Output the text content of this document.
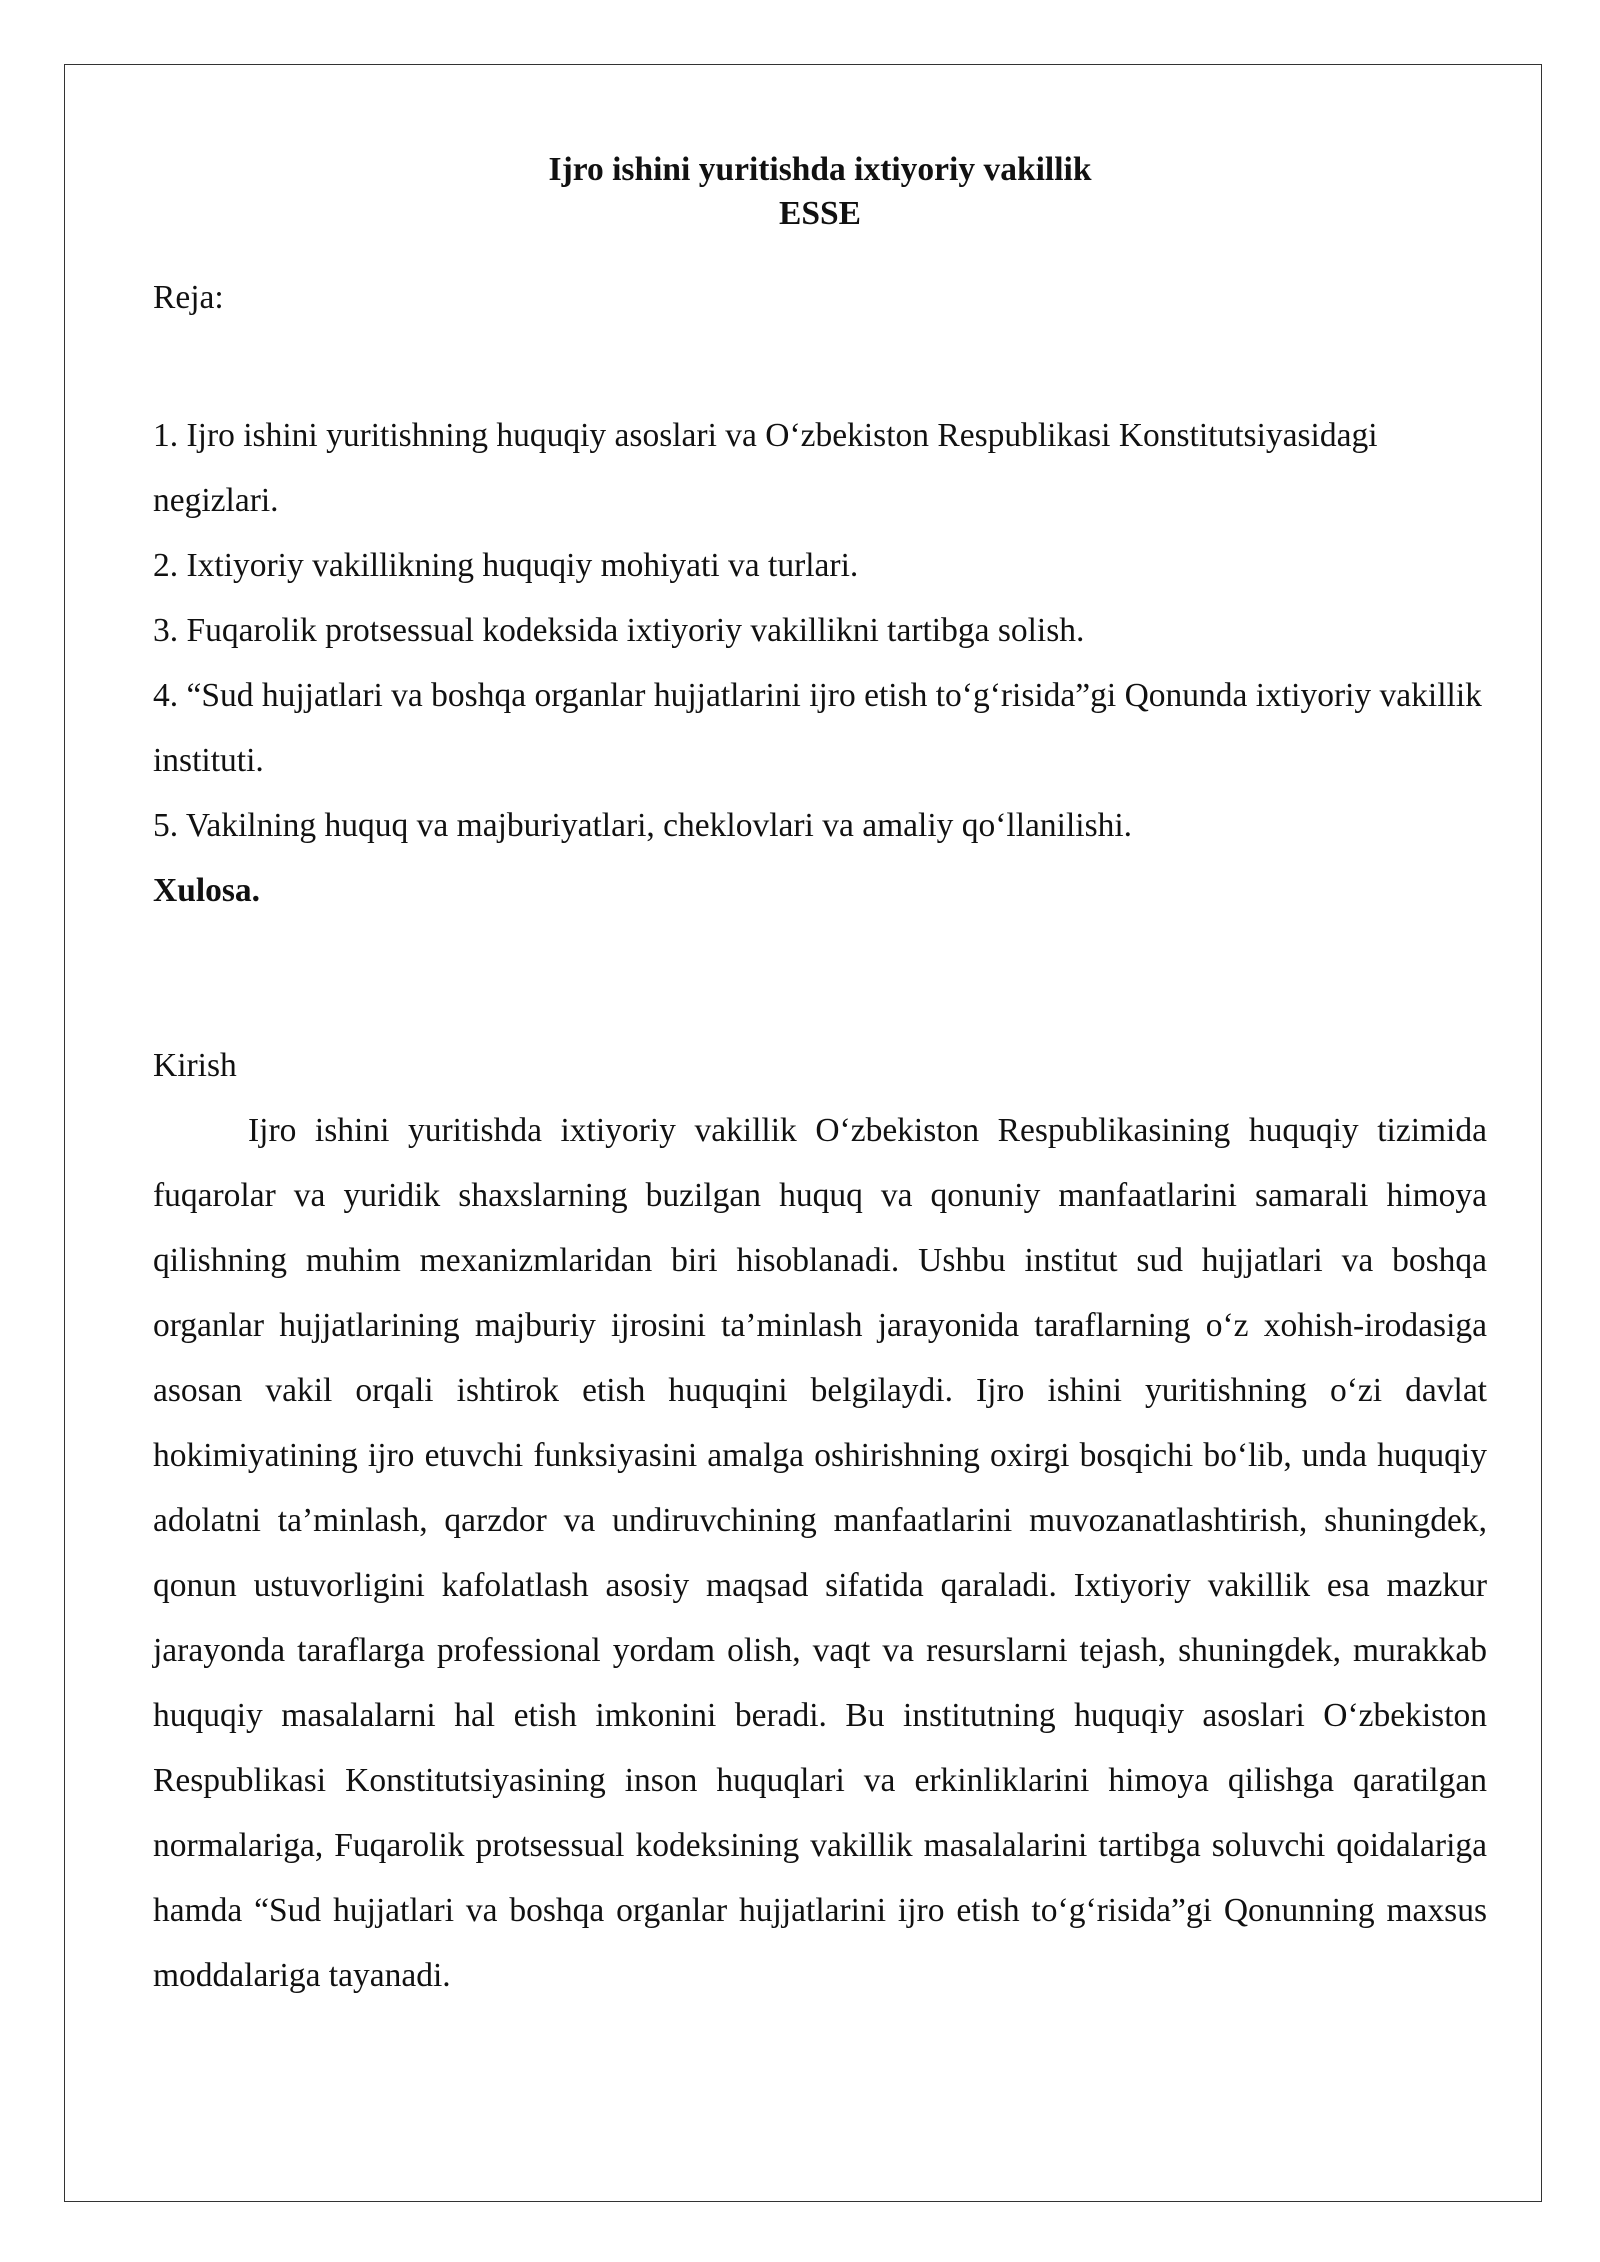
Ijro ishini yuritishda ixtiyoriy vakillik

ESSE

Reja:

1. Ijro ishini yuritishning huquqiy asoslari va O‘zbekiston Respublikasi Konstitutsiyasidagi negizlari.
2. Ixtiyoriy vakillikning huquqiy mohiyati va turlari.
3. Fuqarolik protsessual kodeksida ixtiyoriy vakillikni tartibga solish.
4. “Sud hujjatlari va boshqa organlar hujjatlarini ijro etish to‘g‘risida”gi Qonunda ixtiyoriy vakillik instituti.
5. Vakilning huquq va majburiyatlari, cheklovlari va amaliy qo‘llanilishi.

Xulosa.

Kirish

Ijro ishini yuritishda ixtiyoriy vakillik O‘zbekiston Respublikasining huquqiy tizimida fuqarolar va yuridik shaxslarning buzilgan huquq va qonuniy manfaatlarini samarali himoya qilishning muhim mexanizmlaridan biri hisoblanadi. Ushbu institut sud hujjatlari va boshqa organlar hujjatlarining majburiy ijrosini ta’minlash jarayonida taraflarning o‘z xohish-irodasiga asosan vakil orqali ishtirok etish huquqini belgilaydi. Ijro ishini yuritishning o‘zi davlat hokimiyatining ijro etuvchi funksiyasini amalga oshirishning oxirgi bosqichi bo‘lib, unda huquqiy adolatni ta’minlash, qarzdor va undiruvchining manfaatlarini muvozanatlashtirish, shuningdek, qonun ustuvorligini kafolatlash asosiy maqsad sifatida qaraladi. Ixtiyoriy vakillik esa mazkur jarayonda taraflarga professional yordam olish, vaqt va resurslarni tejash, shuningdek, murakkab huquqiy masalalarni hal etish imkonini beradi. Bu institutning huquqiy asoslari O‘zbekiston Respublikasi Konstitutsiyasining inson huquqlari va erkinliklarini himoya qilishga qaratilgan normalariga, Fuqarolik protsessual kodeksining vakillik masalalarini tartibga soluvchi qoidalariga hamda “Sud hujjatlari va boshqa organlar hujjatlarini ijro etish to‘g‘risida”gi Qonunning maxsus moddalariga tayanadi.
